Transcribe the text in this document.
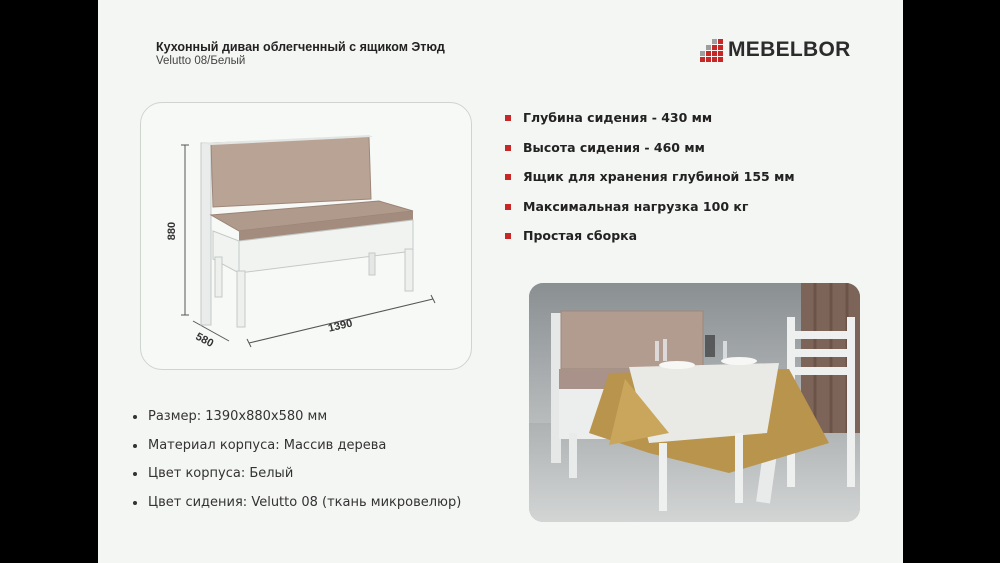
Кухонный диван облегченный с ящиком Этюд
Velutto 08/Белый	MEBELBOR
880
580
1390
Глубина сидения - 430 мм
Высота сидения - 460 мм
Ящик для хранения глубиной 155 мм
Максимальная нагрузка 100 кг
Простая сборка
Размер: 1390x880x580 мм
Материал корпуса: Массив дерева
Цвет корпуса: Белый
Цвет сидения: Velutto 08 (ткань микровелюр)
